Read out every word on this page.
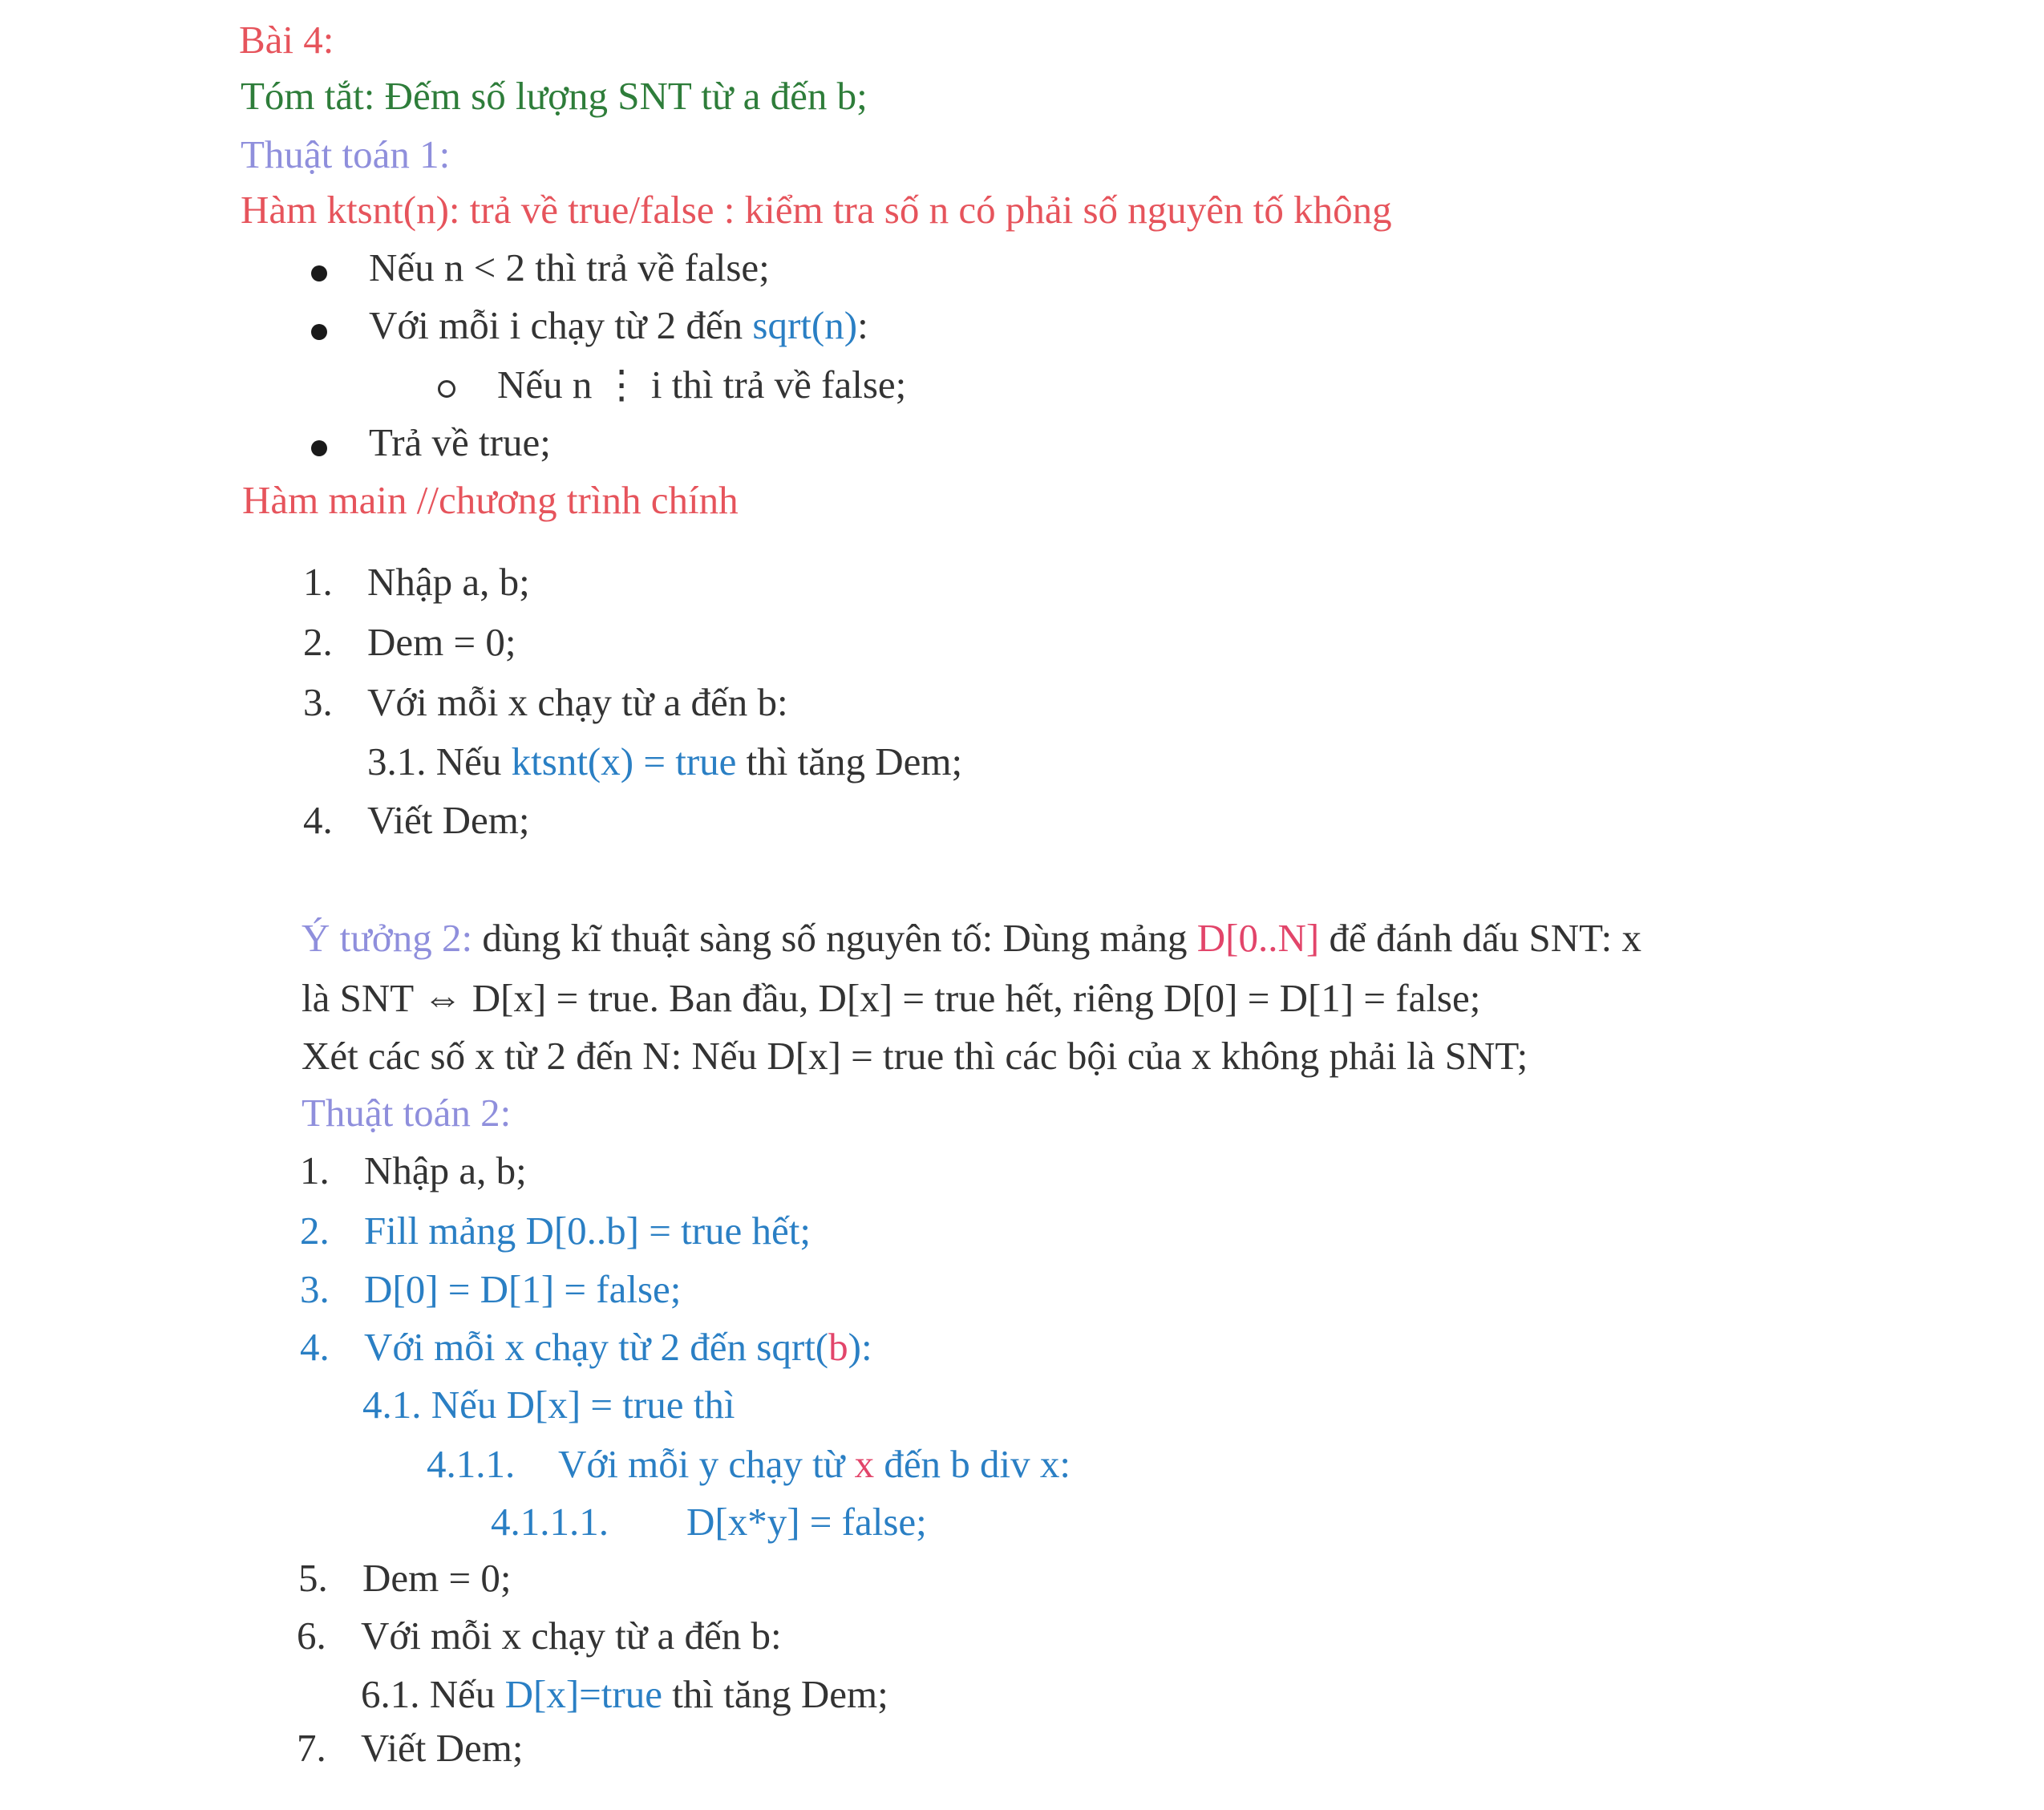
Bài 4:
Tóm tắt: Đếm số lượng SNT từ a đến b;
Thuật toán 1:
Hàm ktsnt(n): trả về true/false : kiểm tra số n có phải số nguyên tố không
Nếu n < 2 thì trả về false;
Với mỗi i chạy từ 2 đến sqrt(n):
Nếu n ⋮ i thì trả về false;
Trả về true;
Hàm main //chương trình chính
1. Nhập a, b;
2. Dem = 0;
3. Với mỗi x chạy từ a đến b:
3.1. Nếu ktsnt(x) = true thì tăng Dem;
4. Viết Dem;
Ý tưởng 2: dùng kĩ thuật sàng số nguyên tố: Dùng mảng D[0..N] để đánh dấu SNT: x
là SNT ⇔ D[x] = true. Ban đầu, D[x] = true hết, riêng D[0] = D[1] = false;
Xét các số x từ 2 đến N: Nếu D[x] = true thì các bội của x không phải là SNT;
Thuật toán 2:
1. Nhập a, b;
2. Fill mảng D[0..b] = true hết;
3. D[0] = D[1] = false;
4. Với mỗi x chạy từ 2 đến sqrt(b):
4.1. Nếu D[x] = true thì
4.1.1. Với mỗi y chạy từ x đến b div x:
4.1.1.1. D[x*y] = false;
5. Dem = 0;
6. Với mỗi x chạy từ a đến b:
6.1. Nếu D[x]=true thì tăng Dem;
7. Viết Dem;
